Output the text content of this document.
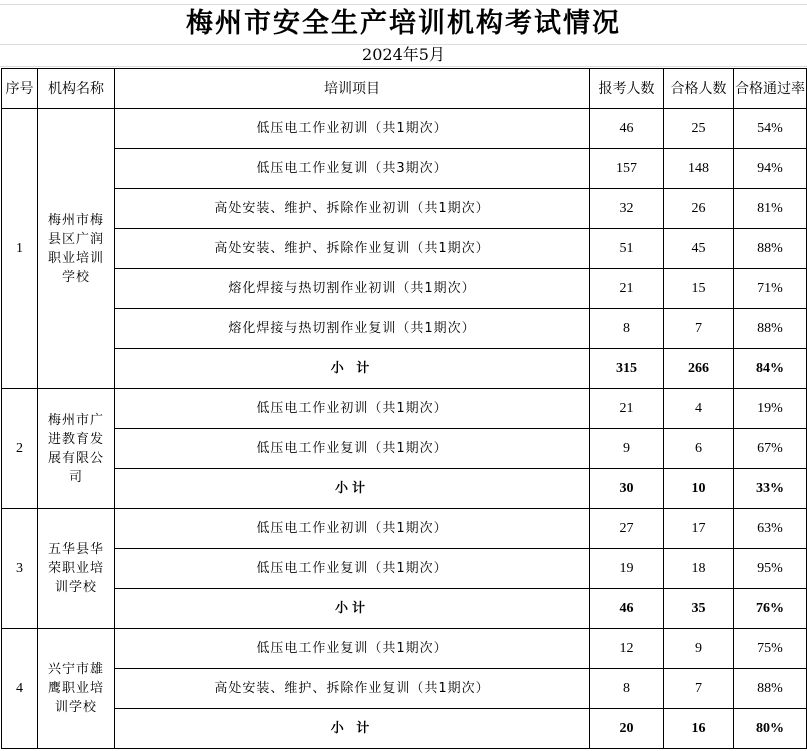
梅州市安全生产培训机构考试情况
2024年5月
序号	机构名称	培训项目	报考人数	合格人数	合格通过率
1	梅州市梅县区广润职业培训学校	低压电工作业初训（共1期次）	46	25	54%
		低压电工作业复训（共3期次）	157	148	94%
		高处安装、维护、拆除作业初训（共1期次）	32	26	81%
		高处安装、维护、拆除作业复训（共1期次）	51	45	88%
		熔化焊接与热切割作业初训（共1期次）	21	15	71%
		熔化焊接与热切割作业复训（共1期次）	8	7	88%
		小 计	315	266	84%
2	梅州市广进教育发展有限公司	低压电工作业初训（共1期次）	21	4	19%
		低压电工作业复训（共1期次）	9	6	67%
		小计	30	10	33%
3	五华县华荣职业培训学校	低压电工作业初训（共1期次）	27	17	63%
		低压电工作业复训（共1期次）	19	18	95%
		小计	46	35	76%
4	兴宁市雄鹰职业培训学校	低压电工作业复训（共1期次）	12	9	75%
		高处安装、维护、拆除作业复训（共1期次）	8	7	88%
		小 计	20	16	80%
